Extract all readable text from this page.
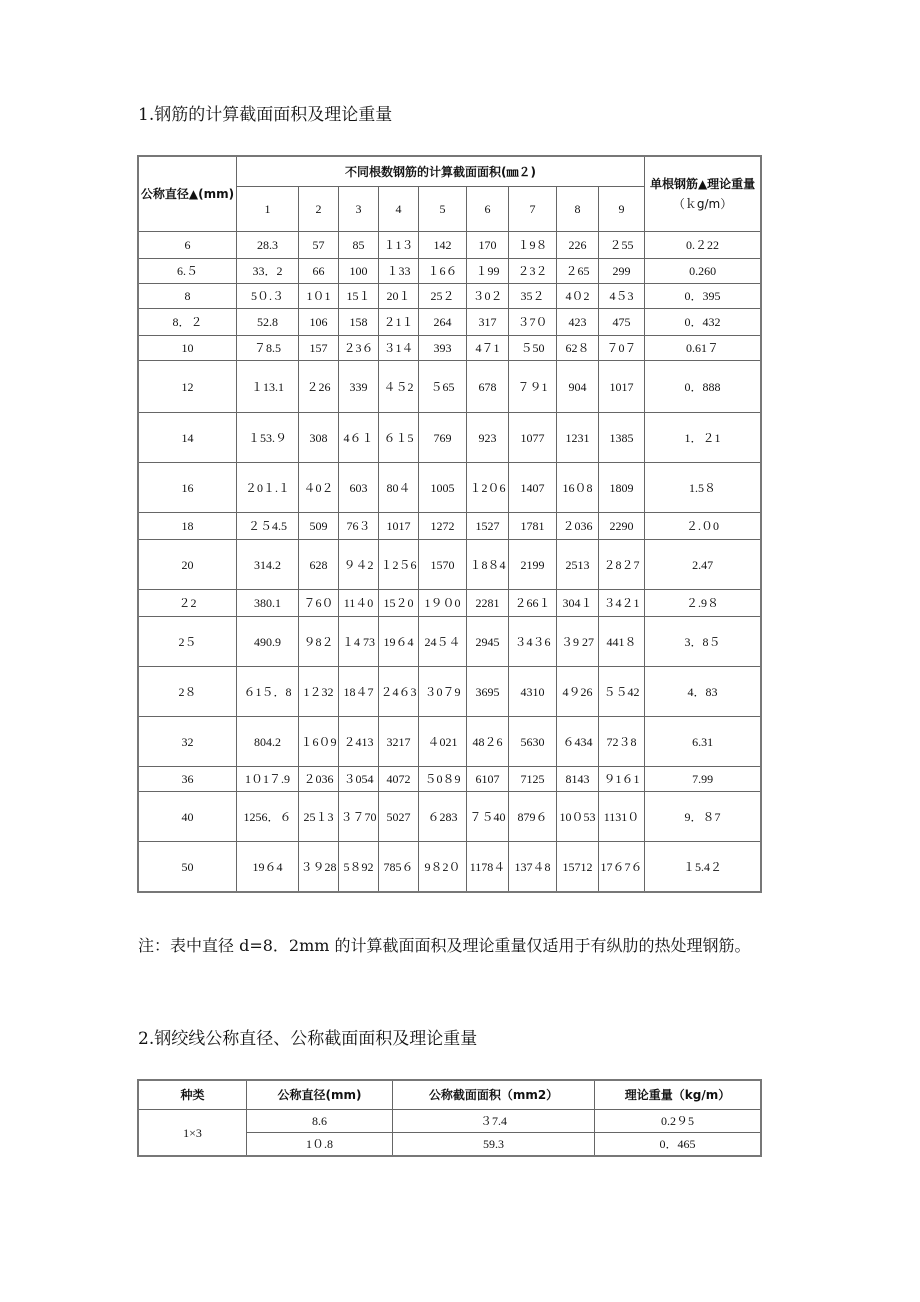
1.钢筋的计算截面面积及理论重量
公称直径▲(mm)	不同根数钢筋的计算截面面积(㎜２)									单根钢筋▲理论重量
（ｋg/m）

	1	2	3	4	5	6	7	8	9	
6	28.3	57	85	１1３	142	170	１9８	226	２55	0.２22
6.５	33．2	66	100	１33	１6６	１99	２3２	２65	299	0.260
8	5０.３	1０1	15１	20１	25２	３0２	35２	4０2	4５3	0．395
8．２	52.8	106	158	２1１	264	317	３7０	423	475	0．432
10	７8.5	157	２3６	３1４	393	4７1	５50	62８	７0７	0.61７
12	１13.1	２26	339	４５2	５65	678	７９1	904	1017	0．888
14	１53.９	308	4６１	６１5	769	923	1077	1231	1385	1．２1
16	２0１.１	４0２	603	80４	1005	１2０6	1407	16０8	1809	1.5８
18	２５4.5	509	76３	1017	1272	1527	1781	２036	2290	２.０0
20	314.2	628	９４2	１2５6	1570	１8８4	2199	2513	２8２7	2.47
２2	380.1	７6０	11４0	15２0	1９０0	2281	２66１	304１	３4２1	２.9８
2５	490.9	９8２	１4 73	19６4	24５４	2945	３4３6	３9 27	441８	3．8５
2８	６1５．8	1２32	18４7	２4６3	３0７9	3695	4310	4９26	５５42	4．83
32	804.2	１6０9	２413	3217	４021	48２6	5630	６434	72３8	6.31
36	1０1７.9	２036	３054	4072	５0８9	6107	7125	8143	９1６1	7.99
40	1256．６	25１3	３７70	5027	６283	７５40	879６	10０53	1131０	9．８7
50	19６4	３９28	5８92	785６	9８2０	1178４	137４8	15712	17６7６	１5.4２
注：表中直径 d=8．2mm 的计算截面面积及理论重量仅适用于有纵肋的热处理钢筋。
2.钢绞线公称直径、公称截面面积及理论重量
种类	公称直径(mm)	公称截面面积（mm2）	理论重量（kg/m）
1×3	8.6	３7.4	0.2９5
	1０.8	59.3	0．465
